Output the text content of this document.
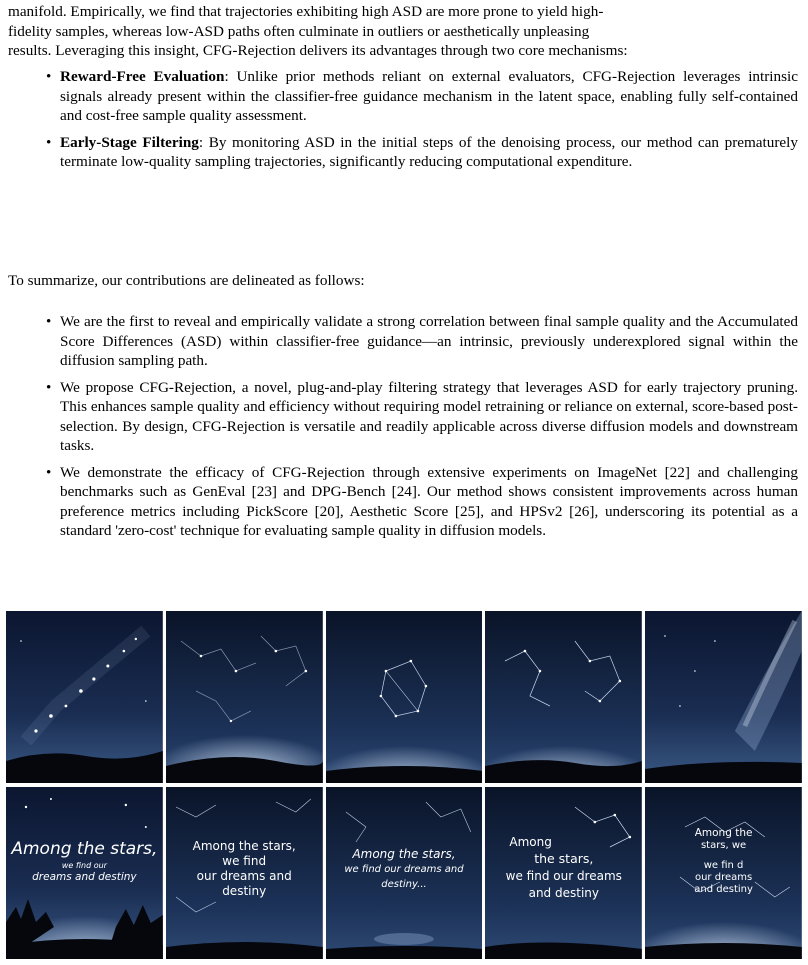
manifold. Empirically, we find that trajectories exhibiting high ASD are more prone to yield high-

fidelity samples, whereas low-ASD paths often culminate in outliers or aesthetically unpleasing

results. Leveraging this insight, CFG-Rejection delivers its advantages through two core mechanisms:

• Reward-Free Evaluation: Unlike prior methods reliant on external evaluators, CFG-Rejection leverages intrinsic signals already present within the classifier-free guidance mechanism in the latent space, enabling fully self-contained and cost-free sample quality assessment.
• Early-Stage Filtering: By monitoring ASD in the initial steps of the denoising process, our method can prematurely terminate low-quality sampling trajectories, significantly reducing computational expenditure.
To summarize, our contributions are delineated as follows:
• We are the first to reveal and empirically validate a strong correlation between final sample quality and the Accumulated Score Differences (ASD) within classifier-free guidance—an intrinsic, previously underexplored signal within the diffusion sampling path.
• We propose CFG-Rejection, a novel, plug-and-play filtering strategy that leverages ASD for early trajectory pruning. This enhances sample quality and efficiency without requiring model retraining or reliance on external, score-based post-selection. By design, CFG-Rejection is versatile and readily applicable across diverse diffusion models and downstream tasks.
• We demonstrate the efficacy of CFG-Rejection through extensive experiments on ImageNet [22] and challenging benchmarks such as GenEval [23] and DPG-Bench [24]. Our method shows consistent improvements across human preference metrics including PickScore [20], Aesthetic Score [25], and HPSv2 [26], underscoring its potential as a standard 'zero-cost' technique for evaluating sample quality in diffusion models.
Among the stars,
we find our
dreams and destiny
Among the stars,
we find
our dreams and
destiny
Among the stars,
we find our dreams and
destiny...
Among
the stars,
we find our dreams
and destiny
Among the
stars, we
we fin d
our dreams
and destiny
